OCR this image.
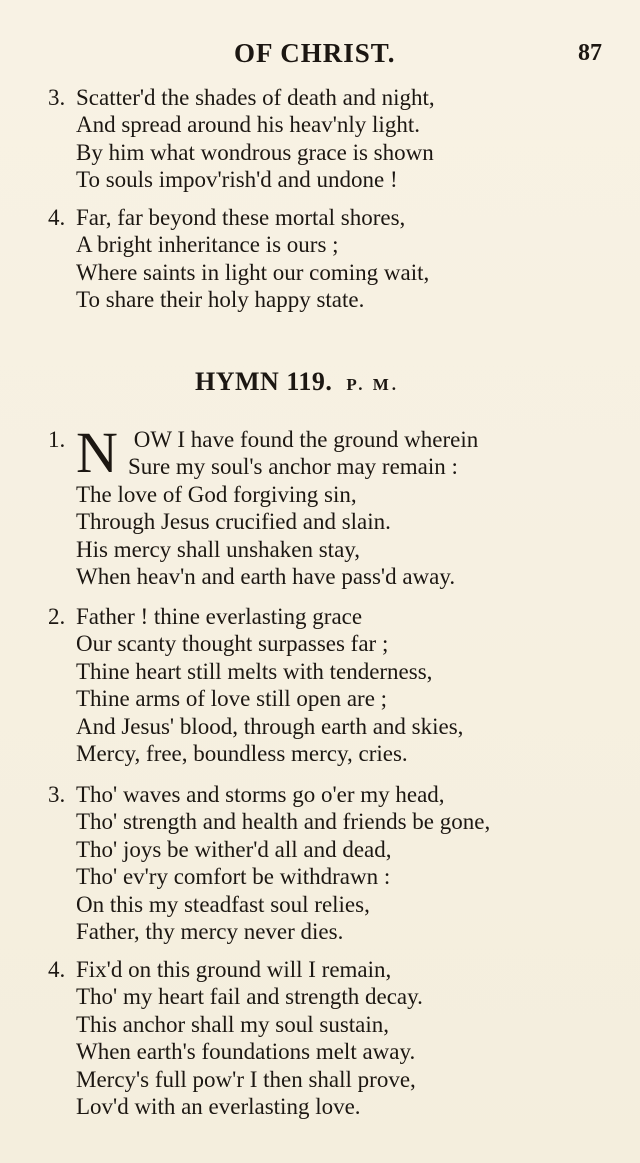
OF CHRIST.	87
3. Scatter'd the shades of death and night,
And spread around his heav'nly light.
By him what wondrous grace is shown
To souls impov'rish'd and undone !
4. Far, far beyond these mortal shores,
A bright inheritance is ours ;
Where saints in light our coming wait,
To share their holy happy state.
HYMN 119. P. M.
1. N OW I have found the ground wherein
Sure my soul's anchor may remain :
The love of God forgiving sin,
Through Jesus crucified and slain.
His mercy shall unshaken stay,
When heav'n and earth have pass'd away.
2. Father ! thine everlasting grace
Our scanty thought surpasses far ;
Thine heart still melts with tenderness,
Thine arms of love still open are ;
And Jesus' blood, through earth and skies,
Mercy, free, boundless mercy, cries.
3. Tho' waves and storms go o'er my head,
Tho' strength and health and friends be gone,
Tho' joys be wither'd all and dead,
Tho' ev'ry comfort be withdrawn :
On this my steadfast soul relies,
Father, thy mercy never dies.
4. Fix'd on this ground will I remain,
Tho' my heart fail and strength decay.
This anchor shall my soul sustain,
When earth's foundations melt away.
Mercy's full pow'r I then shall prove,
Lov'd with an everlasting love.
